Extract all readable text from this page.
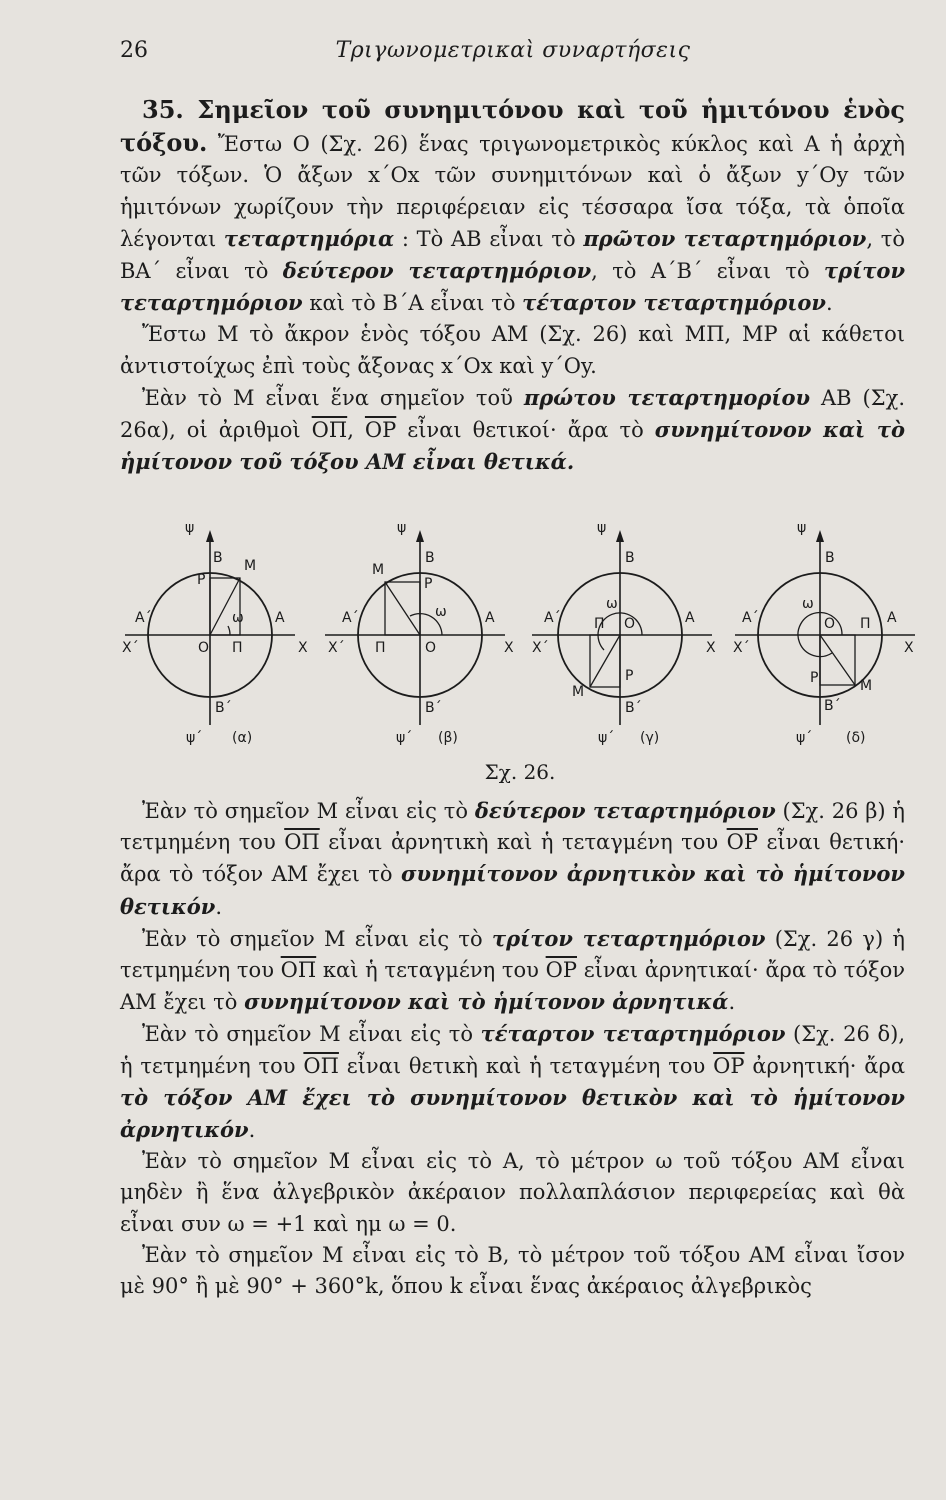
26	Τριγωνομετρικαὶ συναρτήσεις

35. Σημεῖον τοῦ συνημιτόνου καὶ τοῦ ἡμιτόνου ἑνὸς τόξου. Ἔστω O (Σχ. 26) ἕνας τριγωνομετρικὸς κύκλος καὶ A ἡ ἀρχὴ τῶν τόξων. Ὁ ἄξων x΄Ox τῶν συνημιτόνων καὶ ὁ ἄξων y΄Oy τῶν ἡμιτόνων χωρίζουν τὴν περιφέρειαν εἰς τέσσαρα ἴσα τόξα, τὰ ὁποῖα λέγονται τεταρτημόρια : Τὸ AB εἶναι τὸ πρῶτον τεταρτημόριον, τὸ BA΄ εἶναι τὸ δεύτερον τεταρτημόριον, τὸ A΄B΄ εἶναι τὸ τρίτον τεταρτημόριον καὶ τὸ B΄A εἶναι τὸ τέταρτον τεταρτημόριον.

Ἔστω M τὸ ἄκρον ἑνὸς τόξου AM (Σχ. 26) καὶ MΠ, MP αἱ κάθετοι ἀντιστοίχως ἐπὶ τοὺς ἄξονας x΄Ox καὶ y΄Oy.

Ἐὰν τὸ M εἶναι ἕνα σημεῖον τοῦ πρώτου τεταρτημορίου AB (Σχ. 26α), οἱ ἀριθμοὶ $\overline{O\Pi}$, $\overline{OP}$ εἶναι θετικοί· ἄρα τὸ συνημίτονον καὶ τὸ ἡμίτονον τοῦ τόξου AM εἶναι θετικά.

ψ
B M
P
ω A
A΄
X΄	X
O Π
B΄
ψ΄ (α)
ψ
B
M
P
ω	A
A΄
X΄	X
Π	O
B΄
ψ΄ (β)
ψ
B
ω
Π O	A
A΄
X΄	X
P
M
B΄
ψ΄ (γ)
ψ
B
ω
O Π A
A΄
X΄	X
P	M
B΄
ψ΄ (δ)
Σχ. 26.

Ἐὰν τὸ σημεῖον M εἶναι εἰς τὸ δεύτερον τεταρτημόριον (Σχ. 26 β) ἡ τετμημένη του $\overline{O\Pi}$ εἶναι ἀρνητικὴ καὶ ἡ τεταγμένη του $\overline{OP}$ εἶναι θετική· ἄρα τὸ τόξον AM ἔχει τὸ συνημίτονον ἀρνητικὸν καὶ τὸ ἡμίτονον θετικόν.

Ἐὰν τὸ σημεῖον M εἶναι εἰς τὸ τρίτον τεταρτημόριον (Σχ. 26 γ) ἡ τετμημένη του $\overline{O\Pi}$ καὶ ἡ τεταγμένη του $\overline{OP}$ εἶναι ἀρνητικαί· ἄρα τὸ τόξον AM ἔχει τὸ συνημίτονον καὶ τὸ ἡμίτονον ἀρνητικά.

Ἐὰν τὸ σημεῖον M εἶναι εἰς τὸ τέταρτον τεταρτημόριον (Σχ. 26 δ), ἡ τετμημένη του $\overline{O\Pi}$ εἶναι θετικὴ καὶ ἡ τεταγμένη του $\overline{OP}$ ἀρνητική· ἄρα τὸ τόξον AM ἔχει τὸ συνημίτονον θετικὸν καὶ τὸ ἡμίτονον ἀρνητικόν.

Ἐὰν τὸ σημεῖον M εἶναι εἰς τὸ A, τὸ μέτρον ω τοῦ τόξου AM εἶναι μηδὲν ἢ ἕνα ἀλγεβρικὸν ἀκέραιον πολλαπλάσιον περιφερείας καὶ θὰ εἶναι συν ω = +1 καὶ ημ ω = 0.

Ἐὰν τὸ σημεῖον M εἶναι εἰς τὸ B, τὸ μέτρον τοῦ τόξου AM εἶναι ἴσον μὲ 90° ἢ μὲ 90° + 360°k, ὅπου k εἶναι ἕνας ἀκέραιος ἀλγεβρικὸς
